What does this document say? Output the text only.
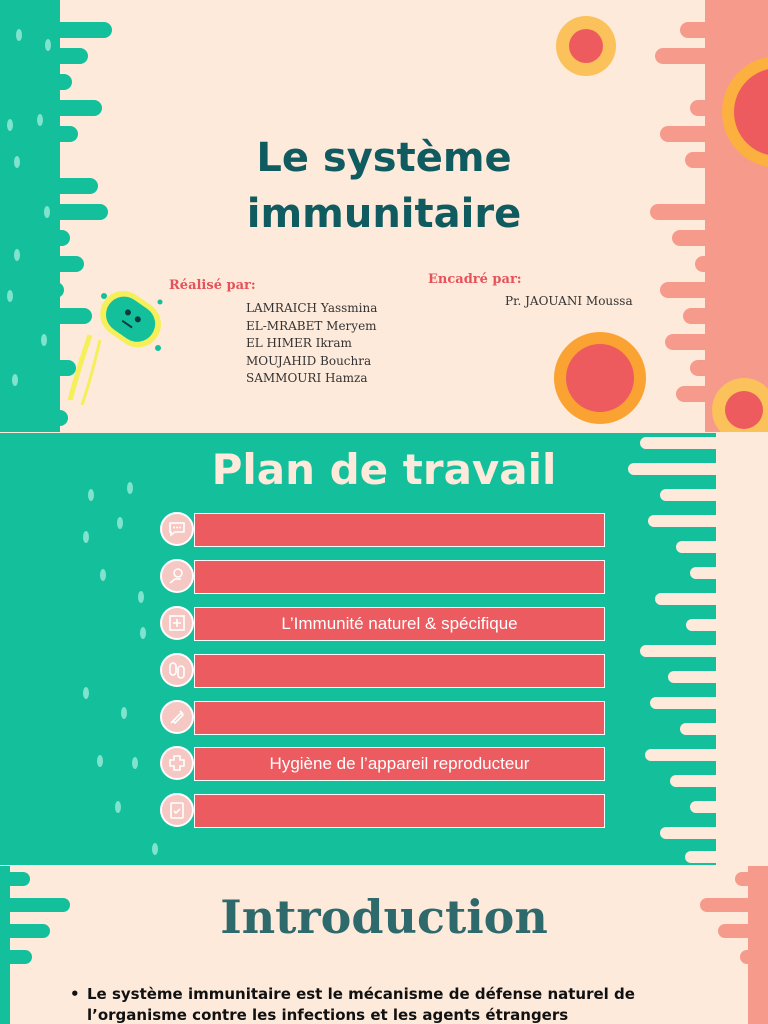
Le système
immunitaire
Réalisé par:
LAMRAICH Yassmina
EL-MRABET Meryem
EL HIMER Ikram
MOUJAHID Bouchra
SAMMOURI Hamza
Encadré par:
Pr. JAOUANI Moussa
Plan de travail
L’Immunité naturel & spécifique
Hygiène de l’appareil reproducteur
Introduction
• Le système immunitaire est le mécanisme de défense naturel de l’organisme contre les infections et les agents étrangers
